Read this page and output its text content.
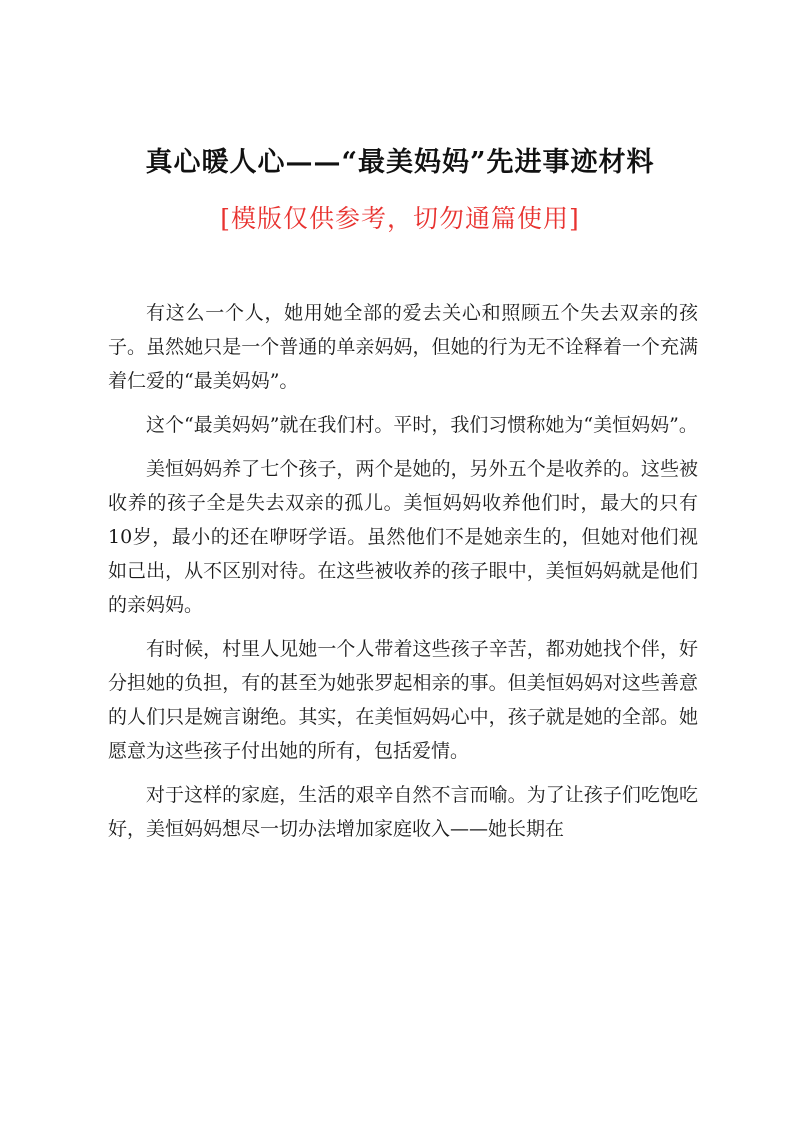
真心暖人心——“最美妈妈”先进事迹材料
[模版仅供参考，切勿通篇使用]

有这么一个人，她用她全部的爱去关心和照顾五个失去双亲的孩子。虽然她只是一个普通的单亲妈妈，但她的行为无不诠释着一个充满着仁爱的“最美妈妈”。

这个“最美妈妈”就在我们村。平时，我们习惯称她为“美恒妈妈”。

美恒妈妈养了七个孩子，两个是她的，另外五个是收养的。这些被收养的孩子全是失去双亲的孤儿。美恒妈妈收养他们时，最大的只有10岁，最小的还在咿呀学语。虽然他们不是她亲生的，但她对他们视如己出，从不区别对待。在这些被收养的孩子眼中，美恒妈妈就是他们的亲妈妈。

有时候，村里人见她一个人带着这些孩子辛苦，都劝她找个伴，好分担她的负担，有的甚至为她张罗起相亲的事。但美恒妈妈对这些善意的人们只是婉言谢绝。其实，在美恒妈妈心中，孩子就是她的全部。她愿意为这些孩子付出她的所有，包括爱情。

对于这样的家庭，生活的艰辛自然不言而喻。为了让孩子们吃饱吃好，美恒妈妈想尽一切办法增加家庭收入——她长期在
